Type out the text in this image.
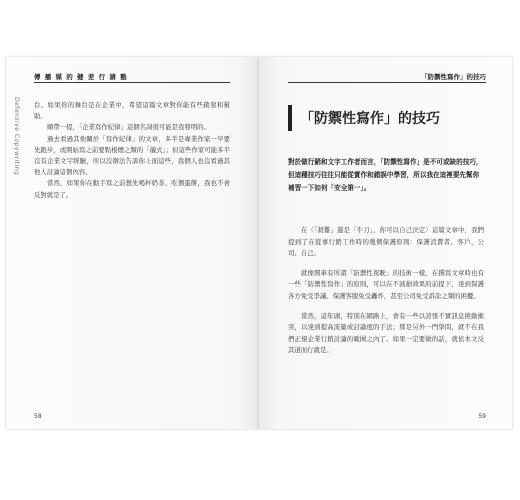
傳 播 媒 的 健 差 行 請 塾
Defensive Copywriting 台。如果你的舞台是在企業中，希望這篇文章對你能有些啟發和幫助。

順帶一提，「企業寫作紀律」這個名詞很可能是我發明的。

過去看過其他關於「寫作紀律」的文章，多半是專業作家一早要先跑步，或開始寫之前要點根煙之類的「儀式」；但這些作家可能多半沒有企業文字經驗，所以沒辦法告訴你上面這些，我個人也沒看過其他人討論這個內容。

當然，如果你在動手寫之前想先喝杯奶茶、吃個蛋餅，我也不會反對就是了。

58
「防禦性寫作」的技巧
「防禦性寫作」的技巧

對於做行銷和文字工作者而言，「防禦性寫作」是不可或缺的技巧，但這種技巧往往只能從實作和錯誤中學習，所以我在這裡要先幫你補習一下如何「安全第一」。

在〈「殺雞」還是「牛刀」，你可以自己決定〉這篇文章中，我們提到了在從事行銷工作時的幾個保護原則：保護消費者、客戶、公司、自己。

就像開車有所謂「防禦性駕駛」的技術一樣，在撰寫文章時也有一些「防禦性寫作」的原則，可以在不減損效果的前提下，達到保護各方免受爭議、保護客服免受轟炸，甚至公司免受訴訟之類的困擾。

當然，這年頭，特別在網路上，會有一些以誇張不實訊息挑動衝突，以達到提高流量或討論度的手法；那是另外一門學問，就不在我們正規企業行銷討論的範圍之內了。如果一定要做的話，就依本文反其道而行就是。

59
